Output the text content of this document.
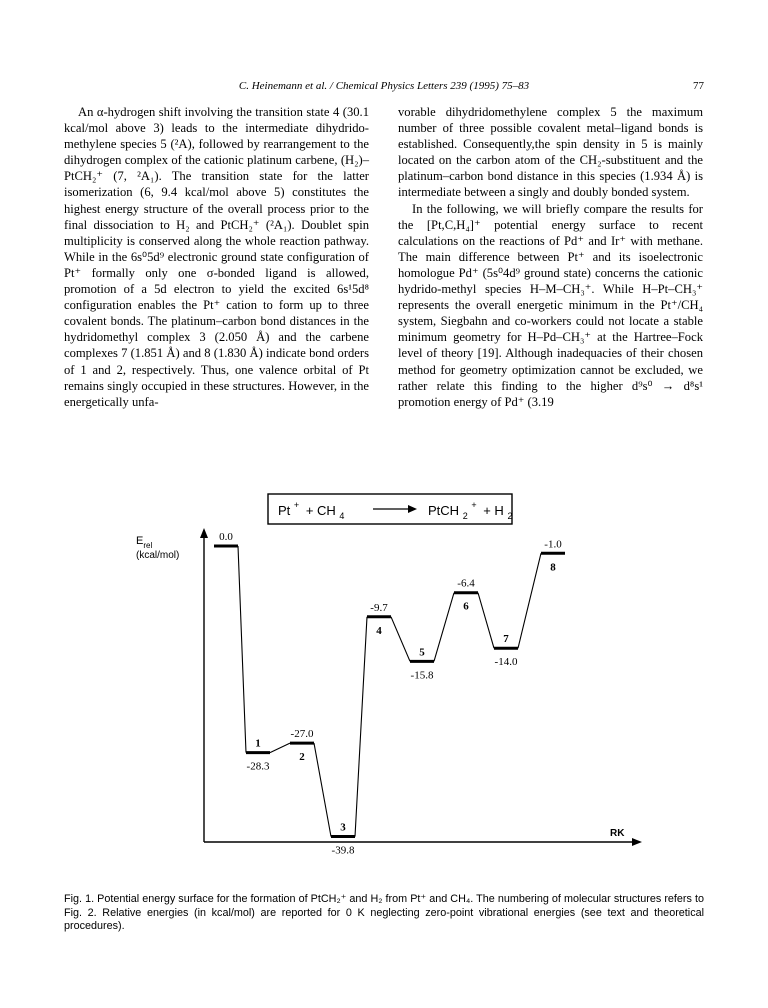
C. Heinemann et al. / Chemical Physics Letters 239 (1995) 75–83	77

An α-hydrogen shift involving the transition state 4 (30.1 kcal/mol above 3) leads to the intermediate dihydrido-methylene species 5 (²A), followed by rearrangement to the dihydrogen complex of the cationic platinum carbene, (H₂)–PtCH₂⁺ (7, ²A₁). The transition state for the latter isomerization (6, 9.4 kcal/mol above 5) constitutes the highest energy structure of the overall process prior to the final dissociation to H₂ and PtCH₂⁺ (²A₁). Doublet spin multiplicity is conserved along the whole reaction pathway. While in the 6s⁰5d⁹ electronic ground state configuration of Pt⁺ formally only one σ-bonded ligand is allowed, promotion of a 5d electron to yield the excited 6s¹5d⁸ configuration enables the Pt⁺ cation to form up to three covalent bonds. The platinum–carbon bond distances in the hydridomethyl complex 3 (2.050 Å) and the carbene complexes 7 (1.851 Å) and 8 (1.830 Å) indicate bond orders of 1 and 2, respectively. Thus, one valence orbital of Pt remains singly occupied in these structures. However, in the energetically unfa-

vorable dihydridomethylene complex 5 the maximum number of three possible covalent metal–ligand bonds is established. Consequently,the spin density in 5 is mainly located on the carbon atom of the CH₂-substituent and the platinum–carbon bond distance in this species (1.934 Å) is intermediate between a singly and doubly bonded system.

In the following, we will briefly compare the results for the [Pt,C,H₄]⁺ potential energy surface to recent calculations on the reactions of Pd⁺ and Ir⁺ with methane. The main difference between Pt⁺ and its isoelectronic homologue Pd⁺ (5s⁰4d⁹ ground state) concerns the cationic hydrido-methyl species H–M–CH₃⁺. While H–Pt–CH₃⁺ represents the overall energetic minimum in the Pt⁺/CH₄ system, Siegbahn and co-workers could not locate a stable minimum geometry for H–Pd–CH₃⁺ at the Hartree–Fock level of theory [19]. Although inadequacies of their chosen method for geometry optimization cannot be excluded, we rather relate this finding to the higher d⁹s⁰ → d⁸s¹ promotion energy of Pd⁺ (3.19

Pt + + CH $_4$	PtCH $_2$ + + H $_2$
$E_{rel}$
(kcal/mol)
RK
0.0
-28.3
1
-27.0
2
-39.8
3
-9.7
4
-15.8
5
-6.4
6
-14.0
7
-1.0
8

Fig. 1. Potential energy surface for the formation of PtCH₂⁺ and H₂ from Pt⁺ and CH₄. The numbering of molecular structures refers to Fig. 2. Relative energies (in kcal/mol) are reported for 0 K neglecting zero-point vibrational energies (see text and theoretical procedures).
